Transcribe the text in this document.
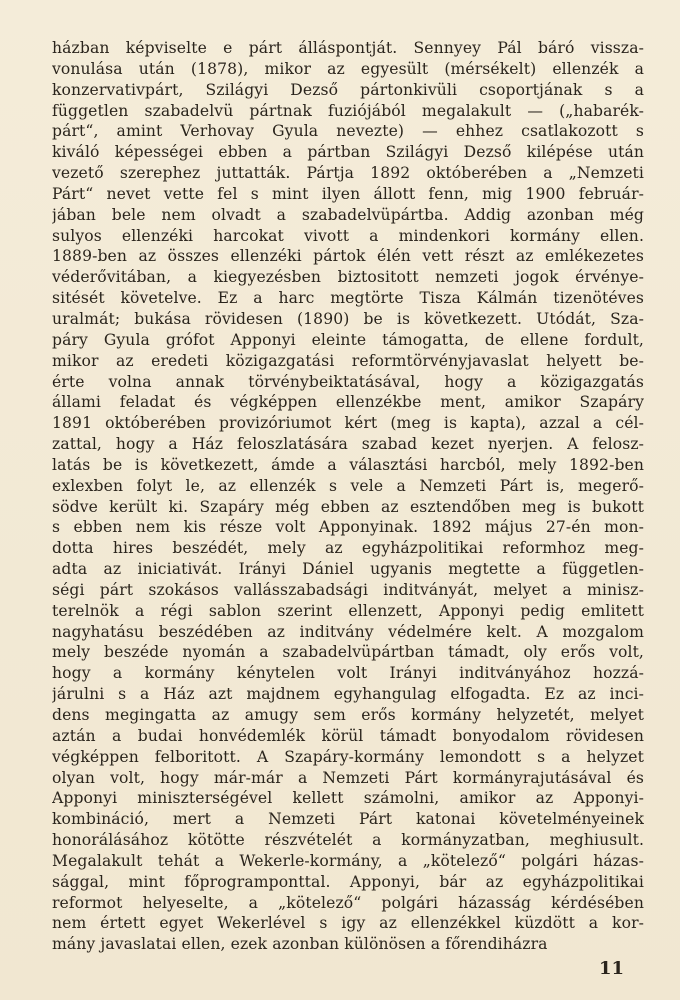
házban képviselte e párt álláspontját. Sennyey Pál báró vissza-
vonulása után (1878), mikor az egyesült (mérsékelt) ellenzék a
konzervativpárt, Szilágyi Dezső pártonkivüli csoportjának s a
független szabadelvü pártnak fuziójából megalakult — („habarék-
párt“, amint Verhovay Gyula nevezte) — ehhez csatlakozott s
kiváló képességei ebben a pártban Szilágyi Dezső kilépése után
vezető szerephez juttatták. Pártja 1892 októberében a „Nemzeti
Párt“ nevet vette fel s mint ilyen állott fenn, mig 1900 február-
jában bele nem olvadt a szabadelvüpártba. Addig azonban még
sulyos ellenzéki harcokat vivott a mindenkori kormány ellen.
1889-ben az összes ellenzéki pártok élén vett részt az emlékezetes
véderővitában, a kiegyezésben biztositott nemzeti jogok érvénye-
sitését követelve. Ez a harc megtörte Tisza Kálmán tizenötéves
uralmát; bukása rövidesen (1890) be is következett. Utódát, Sza-
páry Gyula grófot Apponyi eleinte támogatta, de ellene fordult,
mikor az eredeti közigazgatási reformtörvényjavaslat helyett be-
érte volna annak törvénybeiktatásával, hogy a közigazgatás
állami feladat és végképpen ellenzékbe ment, amikor Szapáry
1891 októberében provizóriumot kért (meg is kapta), azzal a cél-
zattal, hogy a Ház feloszlatására szabad kezet nyerjen. A felosz-
latás be is következett, ámde a választási harcból, mely 1892-ben
exlexben folyt le, az ellenzék s vele a Nemzeti Párt is, megerő-
södve került ki. Szapáry még ebben az esztendőben meg is bukott
s ebben nem kis része volt Apponyinak. 1892 május 27-én mon-
dotta hires beszédét, mely az egyházpolitikai reformhoz meg-
adta az iniciativát. Irányi Dániel ugyanis megtette a független-
ségi párt szokásos vallásszabadsági inditványát, melyet a minisz-
terelnök a régi sablon szerint ellenzett, Apponyi pedig emlitett
nagyhatásu beszédében az inditvány védelmére kelt. A mozgalom
mely beszéde nyomán a szabadelvüpártban támadt, oly erős volt,
hogy a kormány kénytelen volt Irányi inditványához hozzá-
járulni s a Ház azt majdnem egyhangulag elfogadta. Ez az inci-
dens megingatta az amugy sem erős kormány helyzetét, melyet
aztán a budai honvédemlék körül támadt bonyodalom rövidesen
végképpen felboritott. A Szapáry-kormány lemondott s a helyzet
olyan volt, hogy már-már a Nemzeti Párt kormányrajutásával és
Apponyi miniszterségével kellett számolni, amikor az Apponyi-
kombináció, mert a Nemzeti Párt katonai követelményeinek
honorálásához kötötte részvételét a kormányzatban, meghiusult.
Megalakult tehát a Wekerle-kormány, a „kötelező“ polgári házas-
sággal, mint főprogramponttal. Apponyi, bár az egyházpolitikai
reformot helyeselte, a „kötelező“ polgári házasság kérdésében
nem értett egyet Wekerlével s igy az ellenzékkel küzdött a kor-
mány javaslatai ellen, ezek azonban különösen a főrendiházra
11
